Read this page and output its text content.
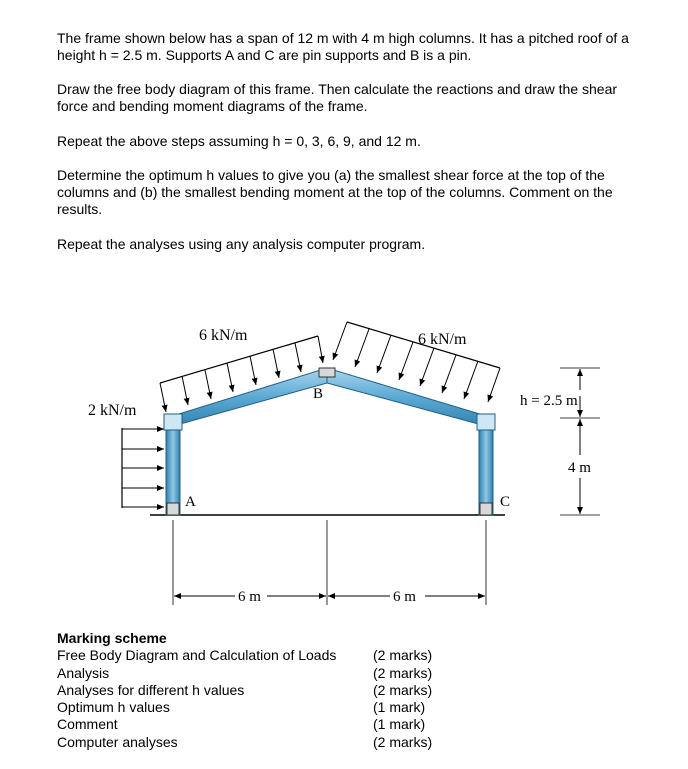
The frame shown below has a span of 12 m with 4 m high columns. It has a pitched roof of a height h = 2.5 m. Supports A and C are pin supports and B is a pin.

Draw the free body diagram of this frame. Then calculate the reactions and draw the shear force and bending moment diagrams of the frame.

Repeat the above steps assuming h = 0, 3, 6, 9, and 12 m.

Determine the optimum h values to give you (a) the smallest shear force at the top of the columns and (b) the smallest bending moment at the top of the columns. Comment on the results.

Repeat the analyses using any analysis computer program.

6 kN/m	6 kN/m
2 kN/m
B
A	C
h = 2.5 m
4 m
6 m	6 m
Marking scheme
Free Body Diagram and Calculation of Loads	(2 marks)
Analysis	(2 marks)
Analyses for different h values	(2 marks)
Optimum h values	(1 mark)
Comment	(1 mark)
Computer analyses	(2 marks)
